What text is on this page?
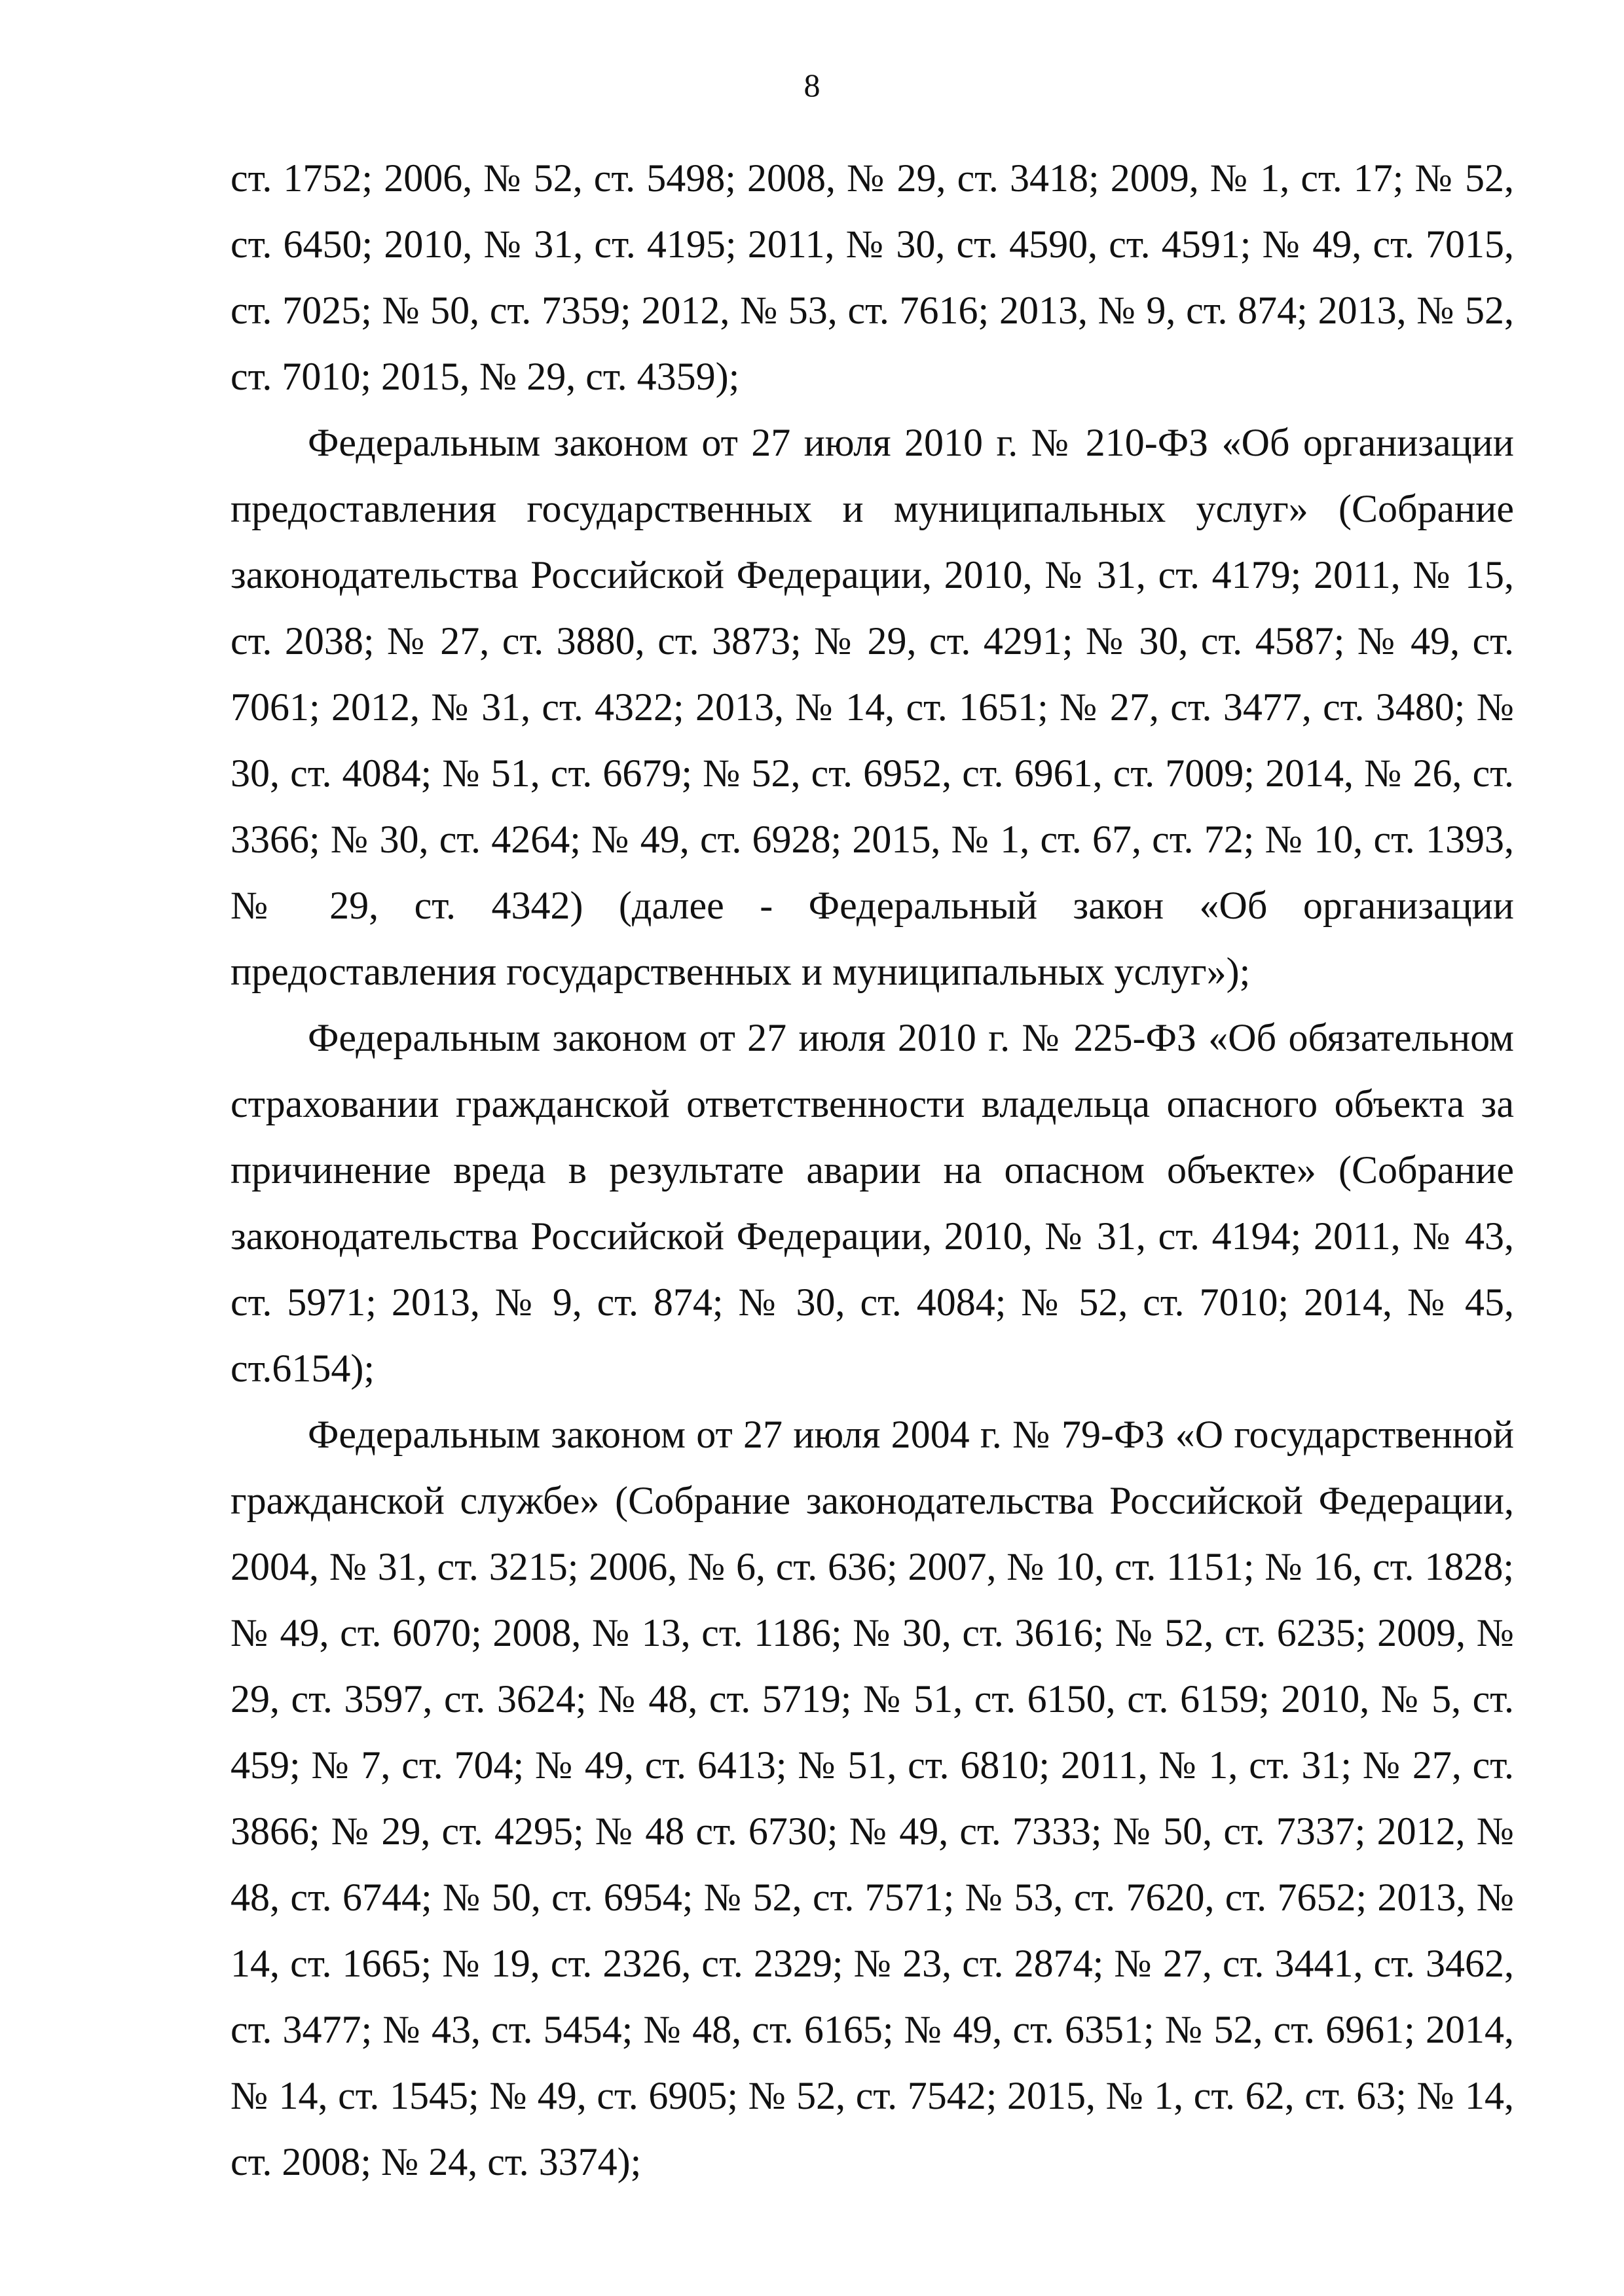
8

ст. 1752; 2006, № 52, ст. 5498; 2008, № 29, ст. 3418; 2009, № 1, ст. 17; № 52, ст. 6450; 2010, № 31, ст. 4195; 2011, № 30, ст. 4590, ст. 4591; № 49, ст. 7015, ст. 7025; № 50, ст. 7359; 2012, № 53, ст. 7616; 2013, № 9, ст. 874; 2013, № 52, ст. 7010; 2015, № 29, ст. 4359);

Федеральным законом от 27 июля 2010 г. № 210-ФЗ «Об организации предоставления государственных и муниципальных услуг» (Собрание законодательства Российской Федерации, 2010, № 31, ст. 4179; 2011, № 15, ст. 2038; № 27, ст. 3880, ст. 3873; № 29, ст. 4291; № 30, ст. 4587; № 49, ст. 7061; 2012, № 31, ст. 4322; 2013, № 14, ст. 1651; № 27, ст. 3477, ст. 3480; № 30, ст. 4084; № 51, ст. 6679; № 52, ст. 6952, ст. 6961, ст. 7009; 2014, № 26, ст. 3366; № 30, ст. 4264; № 49, ст. 6928; 2015, № 1, ст. 67, ст. 72; № 10, ст. 1393, № 29, ст. 4342) (далее - Федеральный закон «Об организации предоставления государственных и муниципальных услуг»);

Федеральным законом от 27 июля 2010 г. № 225-ФЗ «Об обязательном страховании гражданской ответственности владельца опасного объекта за причинение вреда в результате аварии на опасном объекте» (Собрание законодательства Российской Федерации, 2010, № 31, ст. 4194; 2011, № 43, ст. 5971; 2013, № 9, ст. 874; № 30, ст. 4084; № 52, ст. 7010; 2014, № 45, ст.6154);

Федеральным законом от 27 июля 2004 г. № 79-ФЗ «О государственной гражданской службе» (Собрание законодательства Российской Федерации, 2004, № 31, ст. 3215; 2006, № 6, ст. 636; 2007, № 10, ст. 1151; № 16, ст. 1828; № 49, ст. 6070; 2008, № 13, ст. 1186; № 30, ст. 3616; № 52, ст. 6235; 2009, № 29, ст. 3597, ст. 3624; № 48, ст. 5719; № 51, ст. 6150, ст. 6159; 2010, № 5, ст. 459; № 7, ст. 704; № 49, ст. 6413; № 51, ст. 6810; 2011, № 1, ст. 31; № 27, ст. 3866; № 29, ст. 4295; № 48 ст. 6730; № 49, ст. 7333; № 50, ст. 7337; 2012, № 48, ст. 6744; № 50, ст. 6954; № 52, ст. 7571; № 53, ст. 7620, ст. 7652; 2013, № 14, ст. 1665; № 19, ст. 2326, ст. 2329; № 23, ст. 2874; № 27, ст. 3441, ст. 3462, ст. 3477; № 43, ст. 5454; № 48, ст. 6165; № 49, ст. 6351; № 52, ст. 6961; 2014, № 14, ст. 1545; № 49, ст. 6905; № 52, ст. 7542; 2015, № 1, ст. 62, ст. 63; № 14, ст. 2008; № 24, ст. 3374);
